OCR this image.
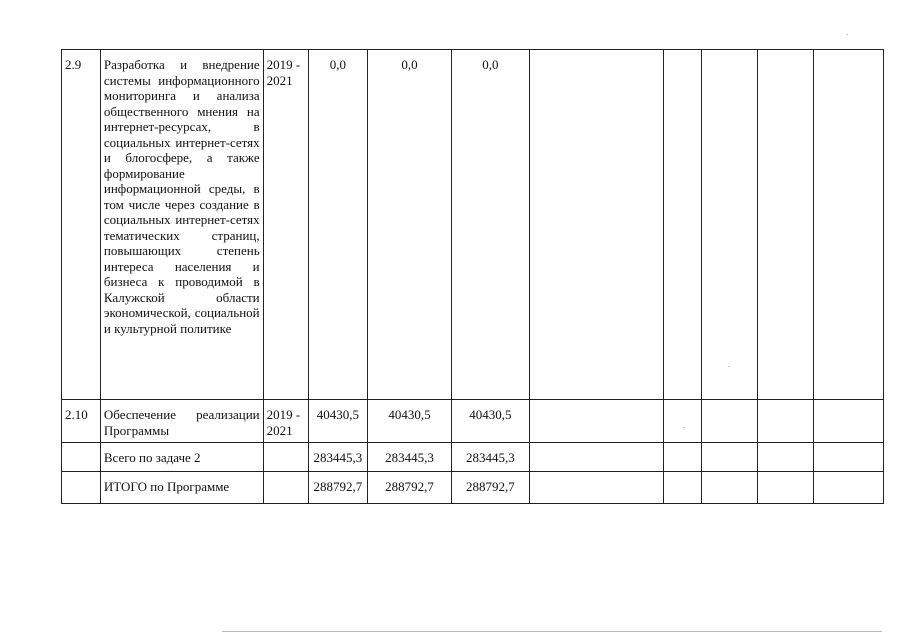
2.9	Разработка и внедрение системы информационного мониторинга и анализа общественного мнения на интернет-ресурсах, в социальных интернет-сетях и блогосфере, а также формирование информационной среды, в том числе через создание в социальных интернет-сетях тематических страниц, повышающих степень интереса населения и бизнеса к проводимой в Калужской области экономической, социальной и культурной политике	2019 - 2021	0,0	0,0	0,0					
2.10	Обеспечение реализации Программы	2019 - 2021	40430,5	40430,5	40430,5					
	Всего по задаче 2		283445,3	283445,3	283445,3					
	ИТОГО по Программе		288792,7	288792,7	288792,7					
